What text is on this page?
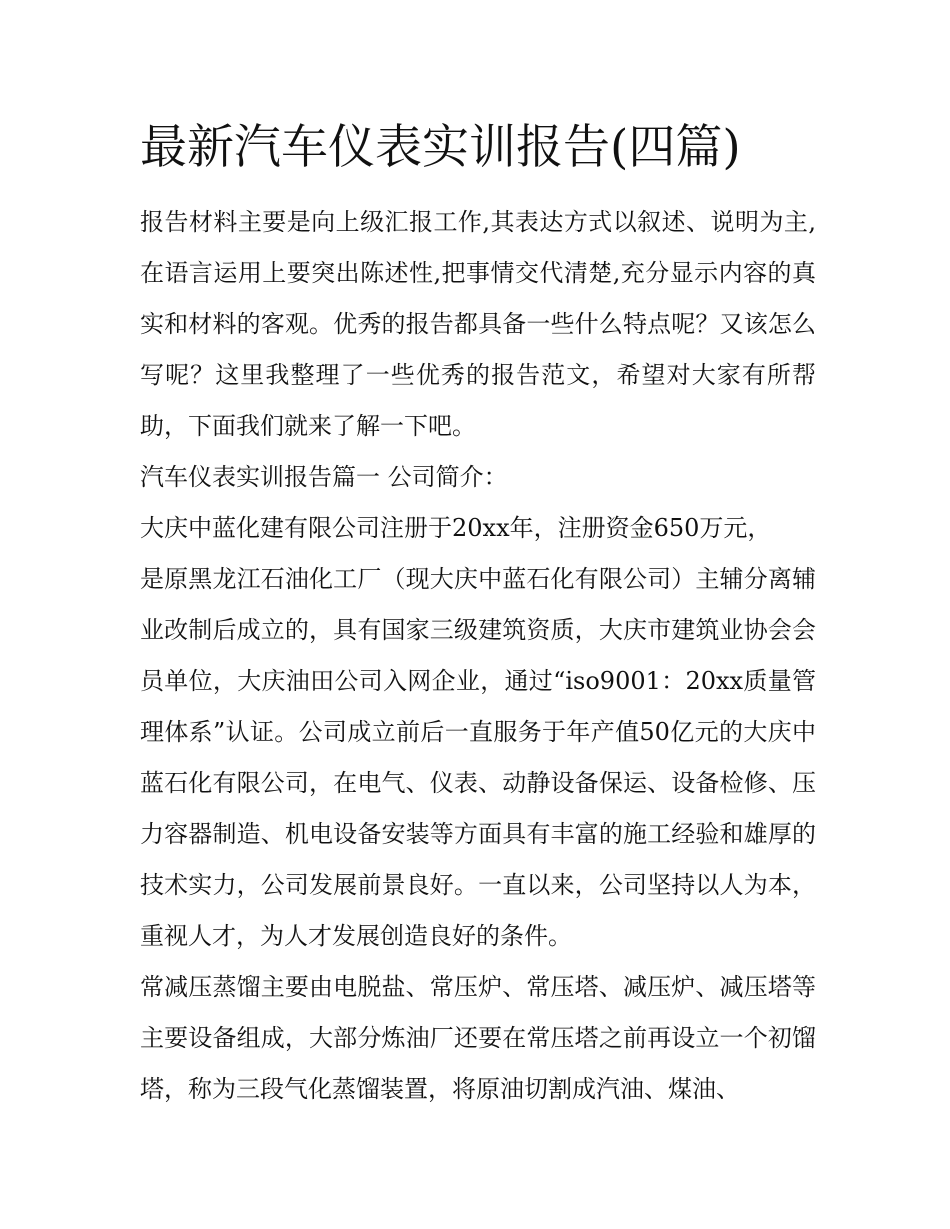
最新汽车仪表实训报告(四篇)

报告材料主要是向上级汇报工作,其表达方式以叙述、说明为主,在语言运用上要突出陈述性,把事情交代清楚,充分显示内容的真实和材料的客观。优秀的报告都具备一些什么特点呢？又该怎么写呢？这里我整理了一些优秀的报告范文，希望对大家有所帮助，下面我们就来了解一下吧。

汽车仪表实训报告篇一 公司简介：

大庆中蓝化建有限公司注册于20xx年，注册资金650万元，

是原黑龙江石油化工厂（现大庆中蓝石化有限公司）主辅分离辅业改制后成立的，具有国家三级建筑资质，大庆市建筑业协会会员单位，大庆油田公司入网企业，通过“iso9001：20xx质量管理体系”认证。公司成立前后一直服务于年产值50亿元的大庆中蓝石化有限公司，在电气、仪表、动静设备保运、设备检修、压力容器制造、机电设备安装等方面具有丰富的施工经验和雄厚的技术实力，公司发展前景良好。一直以来，公司坚持以人为本，重视人才，为人才发展创造良好的条件。

常减压蒸馏主要由电脱盐、常压炉、常压塔、减压炉、减压塔等主要设备组成，大部分炼油厂还要在常压塔之前再设立一个初馏塔，称为三段气化蒸馏装置，将原油切割成汽油、煤油、
